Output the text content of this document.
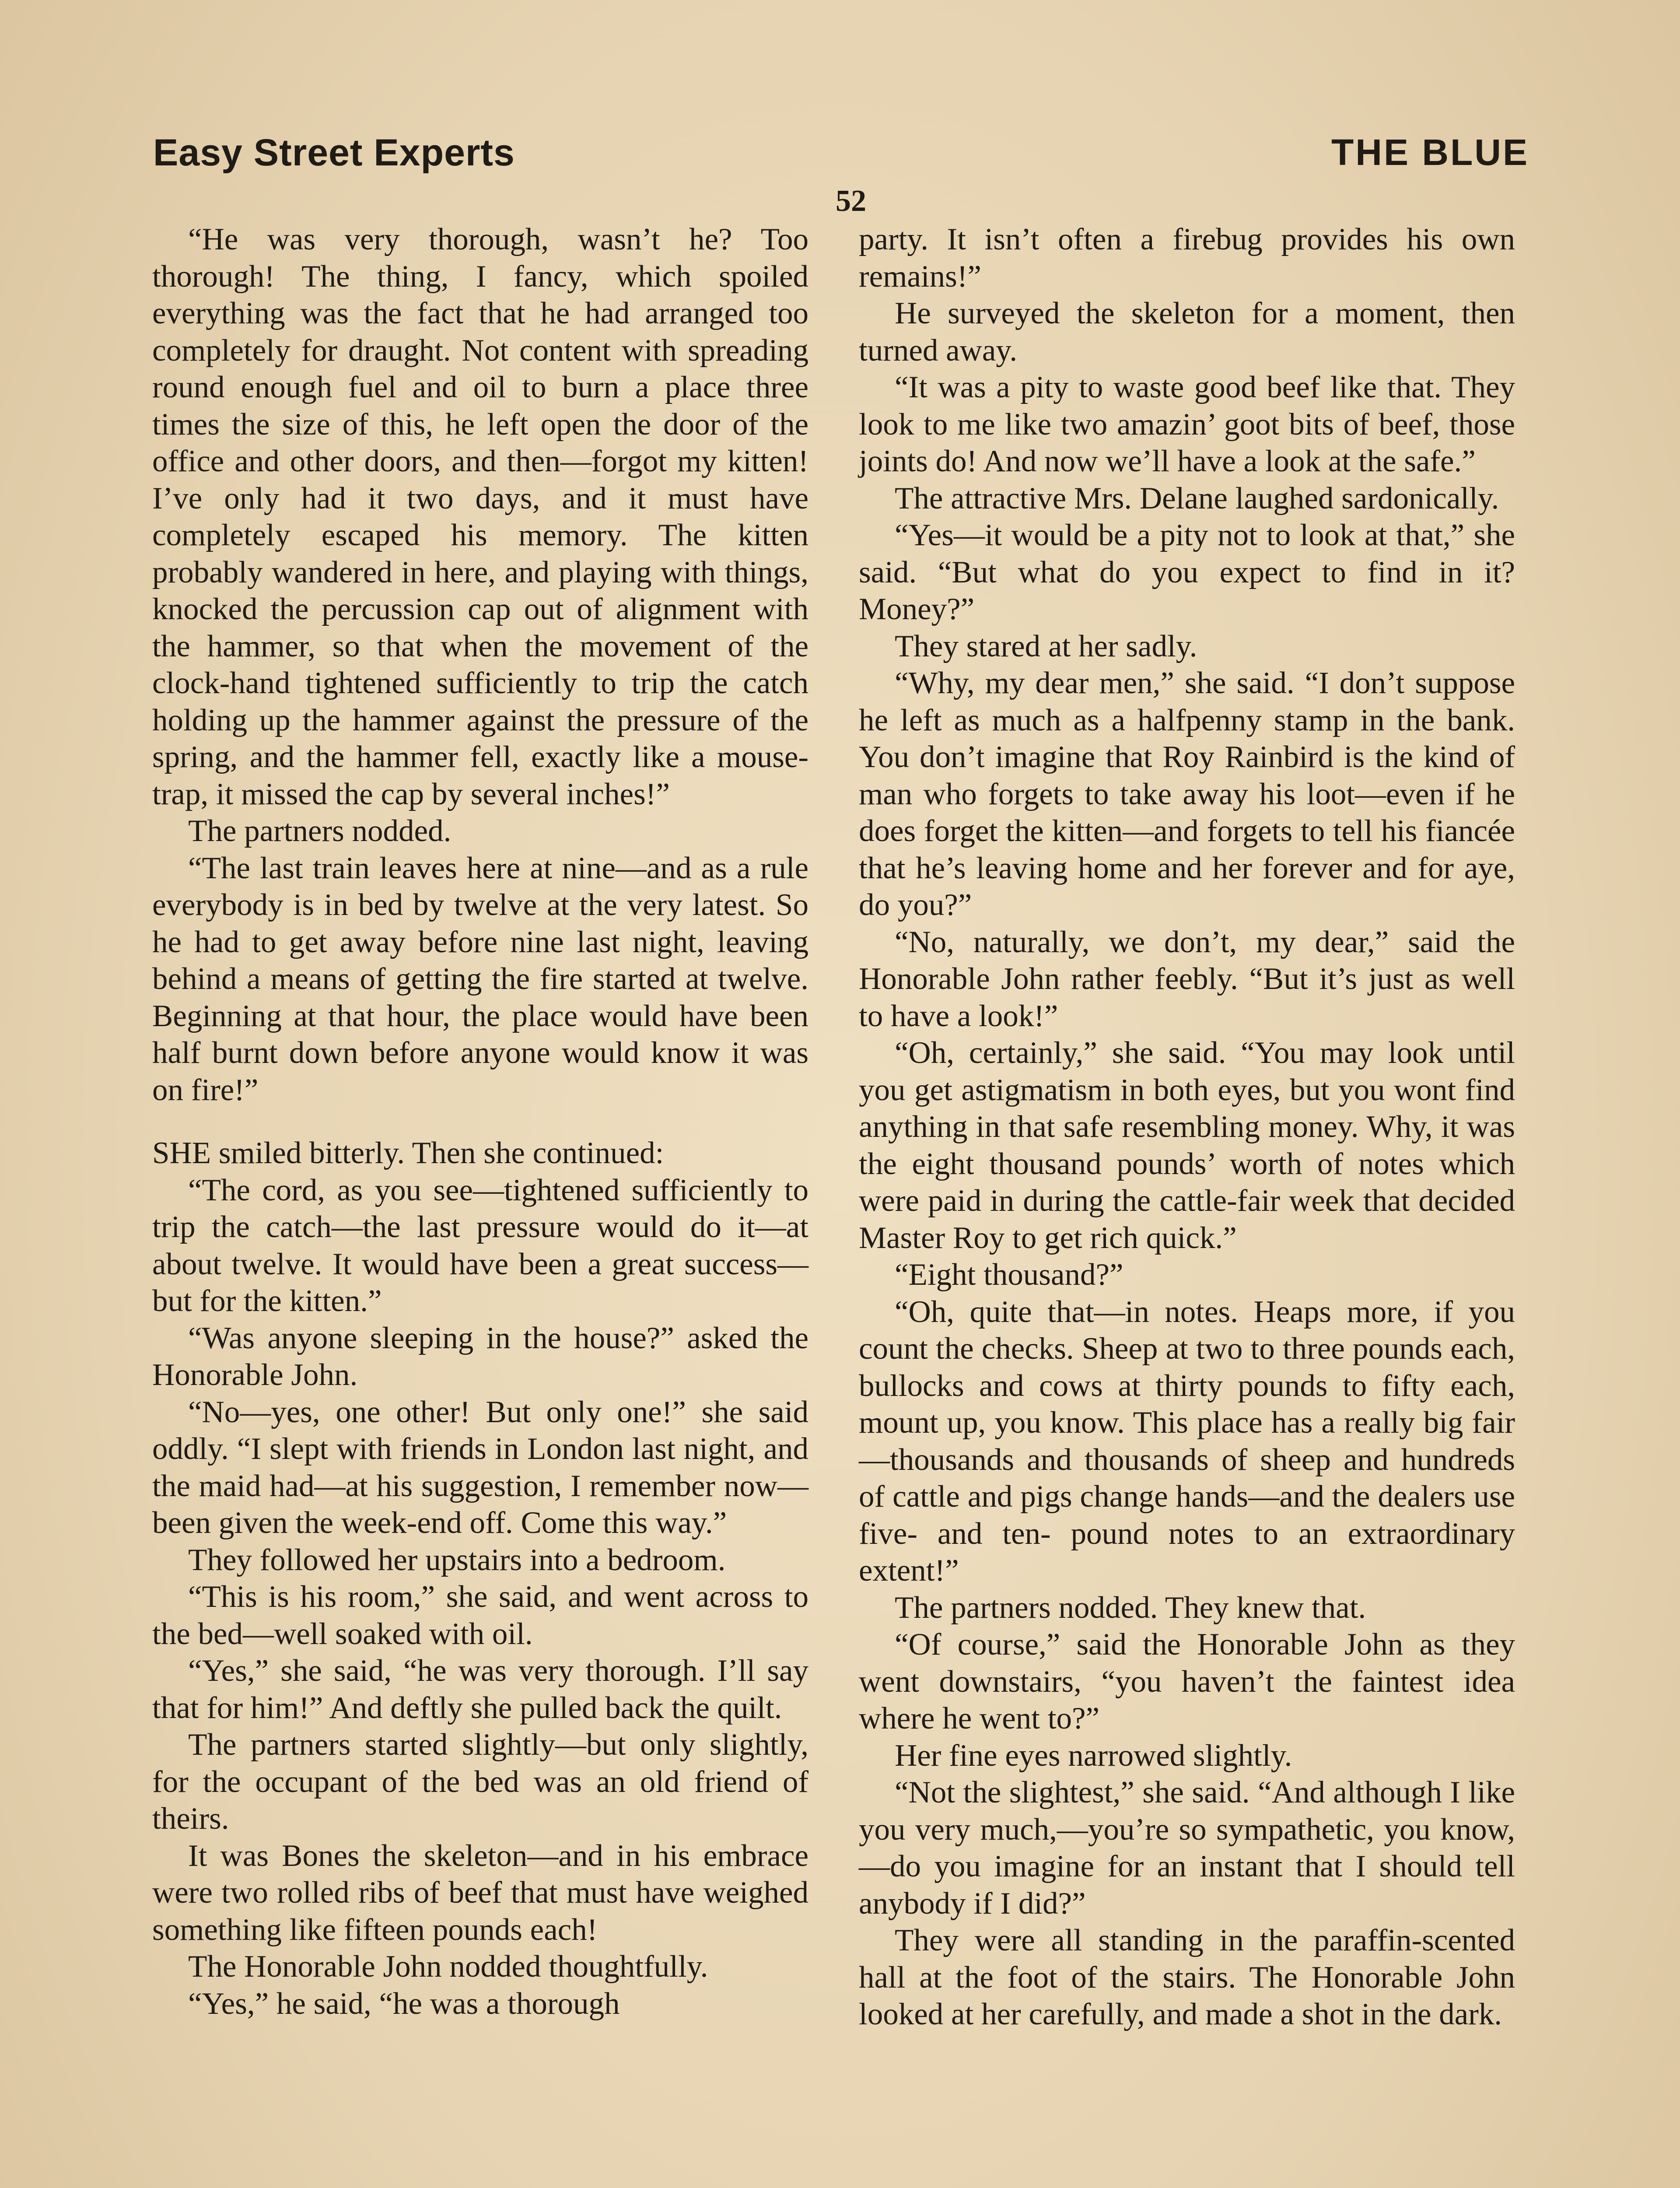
Easy Street Experts	THE BLUE
52

“He was very thorough, wasn’t he? Too thorough! The thing, I fancy, which spoiled everything was the fact that he had arranged too completely for draught. Not content with spreading round enough fuel and oil to burn a place three times the size of this, he left open the door of the office and other doors, and then—forgot my kitten! I’ve only had it two days, and it must have completely escaped his memory. The kitten probably wandered in here, and playing with things, knocked the percussion cap out of alignment with the hammer, so that when the movement of the clock-hand tightened sufficiently to trip the catch holding up the hammer against the pressure of the spring, and the hammer fell, exactly like a mouse-trap, it missed the cap by several inches!”

The partners nodded.

“The last train leaves here at nine—and as a rule everybody is in bed by twelve at the very latest. So he had to get away before nine last night, leaving behind a means of getting the fire started at twelve. Beginning at that hour, the place would have been half burnt down before anyone would know it was on fire!”

SHE smiled bitterly. Then she continued:

“The cord, as you see—tightened sufficiently to trip the catch—the last pressure would do it—at about twelve. It would have been a great success—but for the kitten.”

“Was anyone sleeping in the house?” asked the Honorable John.

“No—yes, one other! But only one!” she said oddly. “I slept with friends in London last night, and the maid had—at his suggestion, I remember now—been given the week-end off. Come this way.”

They followed her upstairs into a bedroom.

“This is his room,” she said, and went across to the bed—well soaked with oil.

“Yes,” she said, “he was very thorough. I’ll say that for him!” And deftly she pulled back the quilt.

The partners started slightly—but only slightly, for the occupant of the bed was an old friend of theirs.

It was Bones the skeleton—and in his embrace were two rolled ribs of beef that must have weighed something like fifteen pounds each!

The Honorable John nodded thoughtfully.

“Yes,” he said, “he was a thorough

party. It isn’t often a firebug provides his own remains!”

He surveyed the skeleton for a moment, then turned away.

“It was a pity to waste good beef like that. They look to me like two amazin’ goot bits of beef, those joints do! And now we’ll have a look at the safe.”

The attractive Mrs. Delane laughed sardonically.

“Yes—it would be a pity not to look at that,” she said. “But what do you expect to find in it? Money?”

They stared at her sadly.

“Why, my dear men,” she said. “I don’t suppose he left as much as a halfpenny stamp in the bank. You don’t imagine that Roy Rainbird is the kind of man who forgets to take away his loot—even if he does forget the kitten—and forgets to tell his fiancée that he’s leaving home and her forever and for aye, do you?”

“No, naturally, we don’t, my dear,” said the Honorable John rather feebly. “But it’s just as well to have a look!”

“Oh, certainly,” she said. “You may look until you get astigmatism in both eyes, but you wont find anything in that safe resembling money. Why, it was the eight thousand pounds’ worth of notes which were paid in during the cattle-fair week that decided Master Roy to get rich quick.”

“Eight thousand?”

“Oh, quite that—in notes. Heaps more, if you count the checks. Sheep at two to three pounds each, bullocks and cows at thirty pounds to fifty each, mount up, you know. This place has a really big fair—thousands and thousands of sheep and hundreds of cattle and pigs change hands—and the dealers use five- and ten- pound notes to an extraordinary extent!”

The partners nodded. They knew that.

“Of course,” said the Honorable John as they went downstairs, “you haven’t the faintest idea where he went to?”

Her fine eyes narrowed slightly.

“Not the slightest,” she said. “And although I like you very much,—you’re so sympathetic, you know,—do you imagine for an instant that I should tell anybody if I did?”

They were all standing in the paraffin-scented hall at the foot of the stairs. The Honorable John looked at her carefully, and made a shot in the dark.
